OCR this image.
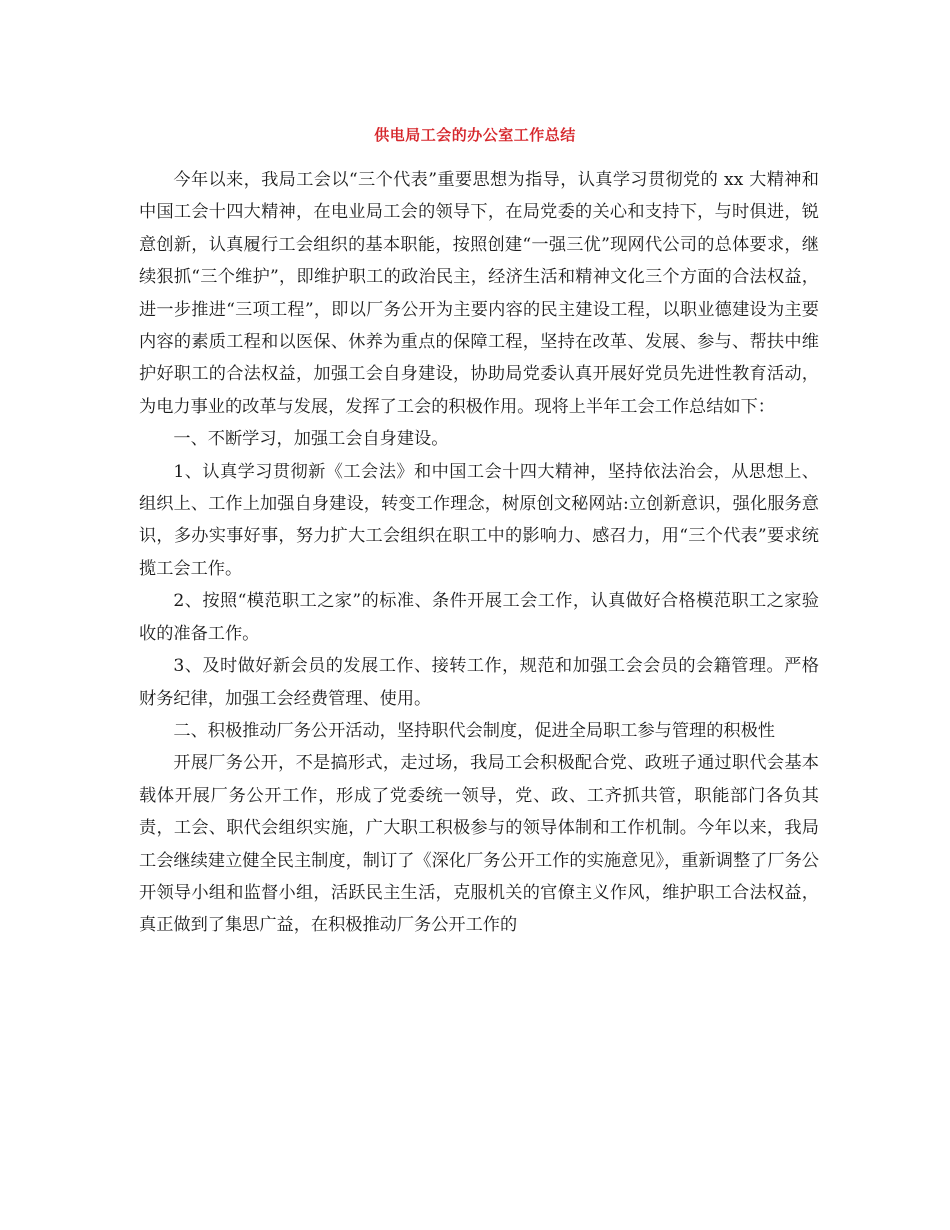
供电局工会的办公室工作总结

今年以来，我局工会以“三个代表”重要思想为指导，认真学习贯彻党的 xx 大精神和中国工会十四大精神，在电业局工会的领导下，在局党委的关心和支持下，与时俱进，锐意创新，认真履行工会组织的基本职能，按照创建“一强三优”现网代公司的总体要求，继续狠抓“三个维护”，即维护职工的政治民主，经济生活和精神文化三个方面的合法权益，进一步推进“三项工程”，即以厂务公开为主要内容的民主建设工程，以职业德建设为主要内容的素质工程和以医保、休养为重点的保障工程，坚持在改革、发展、参与、帮扶中维护好职工的合法权益，加强工会自身建设，协助局党委认真开展好党员先进性教育活动，为电力事业的改革与发展，发挥了工会的积极作用。现将上半年工会工作总结如下：

一、不断学习，加强工会自身建设。

1、认真学习贯彻新《工会法》和中国工会十四大精神，坚持依法治会，从思想上、组织上、工作上加强自身建设，转变工作理念，树原创文秘网站:立创新意识，强化服务意识，多办实事好事，努力扩大工会组织在职工中的影响力、感召力，用“三个代表”要求统揽工会工作。

2、按照“模范职工之家”的标准、条件开展工会工作，认真做好合格模范职工之家验收的准备工作。

3、及时做好新会员的发展工作、接转工作，规范和加强工会会员的会籍管理。严格财务纪律，加强工会经费管理、使用。

二、积极推动厂务公开活动，坚持职代会制度，促进全局职工参与管理的积极性

开展厂务公开，不是搞形式，走过场，我局工会积极配合党、政班子通过职代会基本载体开展厂务公开工作，形成了党委统一领导，党、政、工齐抓共管，职能部门各负其责，工会、职代会组织实施，广大职工积极参与的领导体制和工作机制。今年以来，我局工会继续建立健全民主制度，制订了《深化厂务公开工作的实施意见》，重新调整了厂务公开领导小组和监督小组，活跃民主生活，克服机关的官僚主义作风，维护职工合法权益，真正做到了集思广益，在积极推动厂务公开工作的
